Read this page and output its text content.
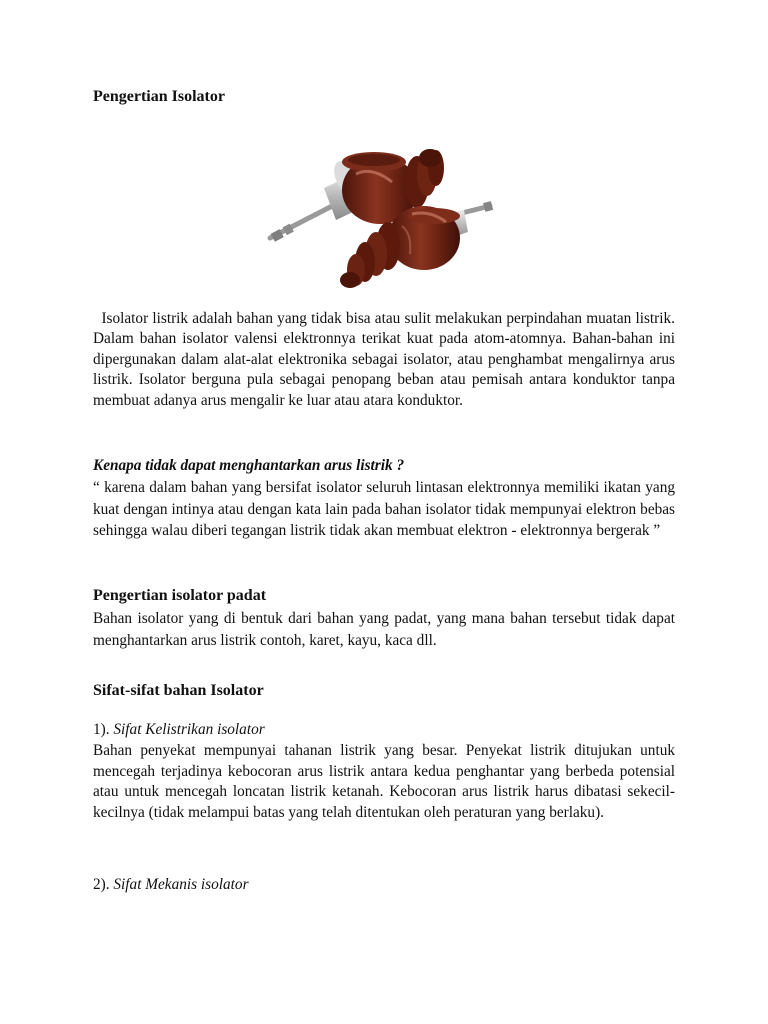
Pengertian Isolator
Isolator listrik adalah bahan yang tidak bisa atau sulit melakukan perpindahan muatan listrik. Dalam bahan isolator valensi elektronnya terikat kuat pada atom-atomnya. Bahan-bahan ini dipergunakan dalam alat-alat elektronika sebagai isolator, atau penghambat mengalirnya arus listrik. Isolator berguna pula sebagai penopang beban atau pemisah antara konduktor tanpa membuat adanya arus mengalir ke luar atau atara konduktor.
Kenapa tidak dapat menghantarkan arus listrik ?
“ karena dalam bahan yang bersifat isolator seluruh lintasan elektronnya memiliki ikatan yang kuat dengan intinya atau dengan kata lain pada bahan isolator tidak mempunyai elektron bebas sehingga walau diberi tegangan listrik tidak akan membuat elektron - elektronnya bergerak ”
Pengertian isolator padat
Bahan isolator yang di bentuk dari bahan yang padat, yang mana bahan tersebut tidak dapat menghantarkan arus listrik contoh, karet, kayu, kaca dll.
Sifat-sifat bahan Isolator
1). Sifat Kelistrikan isolator
Bahan penyekat mempunyai tahanan listrik yang besar. Penyekat listrik ditujukan untuk mencegah terjadinya kebocoran arus listrik antara kedua penghantar yang berbeda potensial atau untuk mencegah loncatan listrik ketanah. Kebocoran arus listrik harus dibatasi sekecil-kecilnya (tidak melampui batas yang telah ditentukan oleh peraturan yang berlaku).
2). Sifat Mekanis isolator
